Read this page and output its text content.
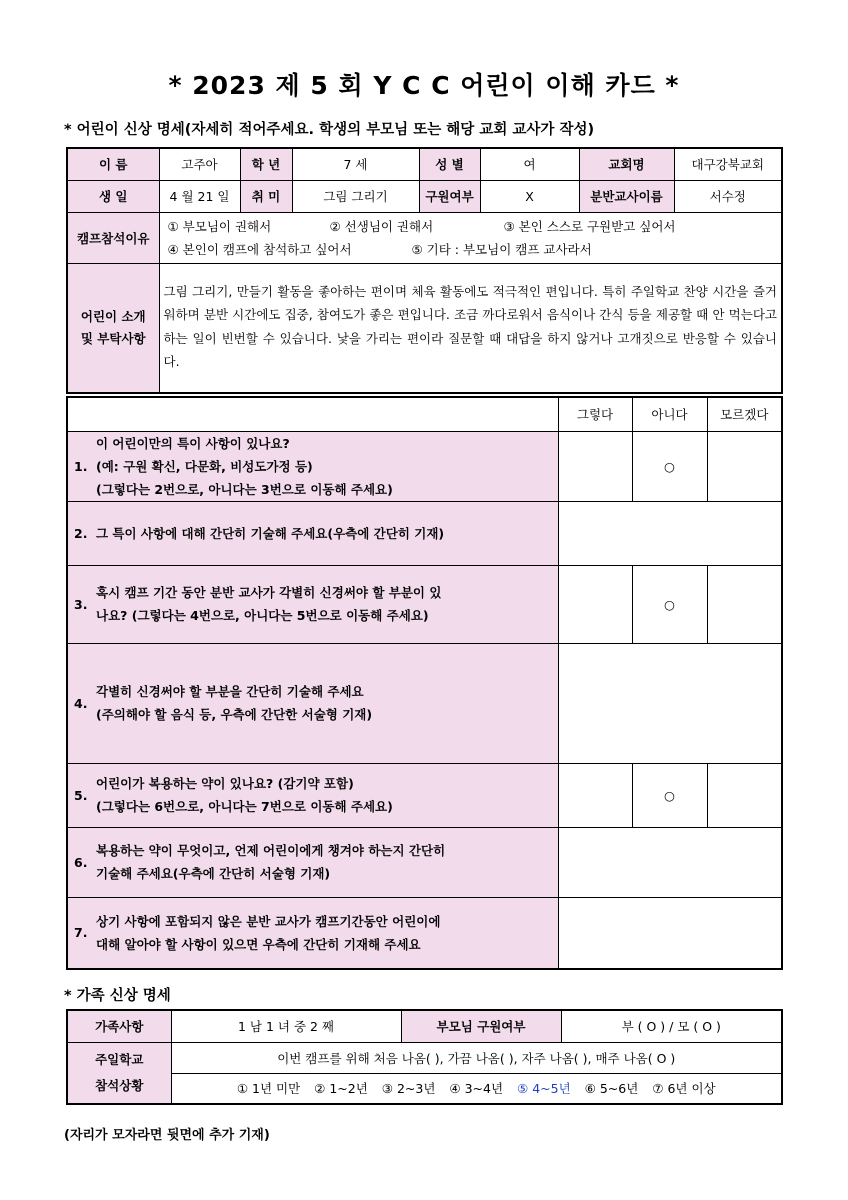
* 2023 제 5 회 Y C C 어린이 이해 카드 *
* 어린이 신상 명세(자세히 적어주세요. 학생의 부모님 또는 해당 교회 교사가 작성)
이 름	고주아	학 년	7 세	성 별	여	교회명	대구강북교회
생 일	4 월 21 일	취 미	그림 그리기	구원여부	X	분반교사이름	서수정
캠프참석이유	① 부모님이 권해서 ② 선생님이 권해서 ③ 본인 스스로 구원받고 싶어서
④ 본인이 캠프에 참석하고 싶어서 ⑤ 기타 : 부모님이 캠프 교사라서						

어린이 소개
및 부탁사항	그림 그리기, 만들기 활동을 좋아하는 편이며 체육 활동에도 적극적인 편입니다. 특히 주일학교 찬양 시간을 즐거워하며 분반 시간에도 집중, 참여도가 좋은 편입니다. 조금 까다로워서 음식이나 간식 등을 제공할 때 안 먹는다고 하는 일이 빈번할 수 있습니다. 낯을 가리는 편이라 질문할 때 대답을 하지 않거나 고개짓으로 반응할 수 있습니다.						
	그렇다	아니다	모르겠다

1.
이 어린이만의 특이 사항이 있나요?
(예: 구원 확신, 다문화, 비성도가정 등)
(그렇다는 2번으로, 아니다는 3번으로 이동해 주세요)		○	

2. 그 특이 사항에 대해 간단히 기술해 주세요(우측에 간단히 기재)			

3.
혹시 캠프 기간 동안 분반 교사가 각별히 신경써야 할 부분이 있
나요? (그렇다는 4번으로, 아니다는 5번으로 이동해 주세요)		○	

4.
각별히 신경써야 할 부분을 간단히 기술해 주세요
(주의해야 할 음식 등, 우측에 간단한 서술형 기재)			

5.
어린이가 복용하는 약이 있나요? (감기약 포함)
(그렇다는 6번으로, 아니다는 7번으로 이동해 주세요)		○	

6.
복용하는 약이 무엇이고, 언제 어린이에게 챙겨야 하는지 간단히
기술해 주세요(우측에 간단히 서술형 기재)			

7.
상기 사항에 포함되지 않은 분반 교사가 캠프기간동안 어린이에
대해 알아야 할 사항이 있으면 우측에 간단히 기재해 주세요			

* 가족 신상 명세
가족사항	1 남 1 녀 중 2 째	부모님 구원여부	부 ( O ) / 모 ( O )

주일학교
참석상황	이번 캠프를 위해 처음 나옴( ), 가끔 나옴( ), 자주 나옴( ), 매주 나옴( O )		
	① 1년 미만 ② 1~2년 ③ 2~3년 ④ 3~4년 ⑤ 4~5년 ⑥ 5~6년 ⑦ 6년 이상		
(자리가 모자라면 뒷면에 추가 기재)
